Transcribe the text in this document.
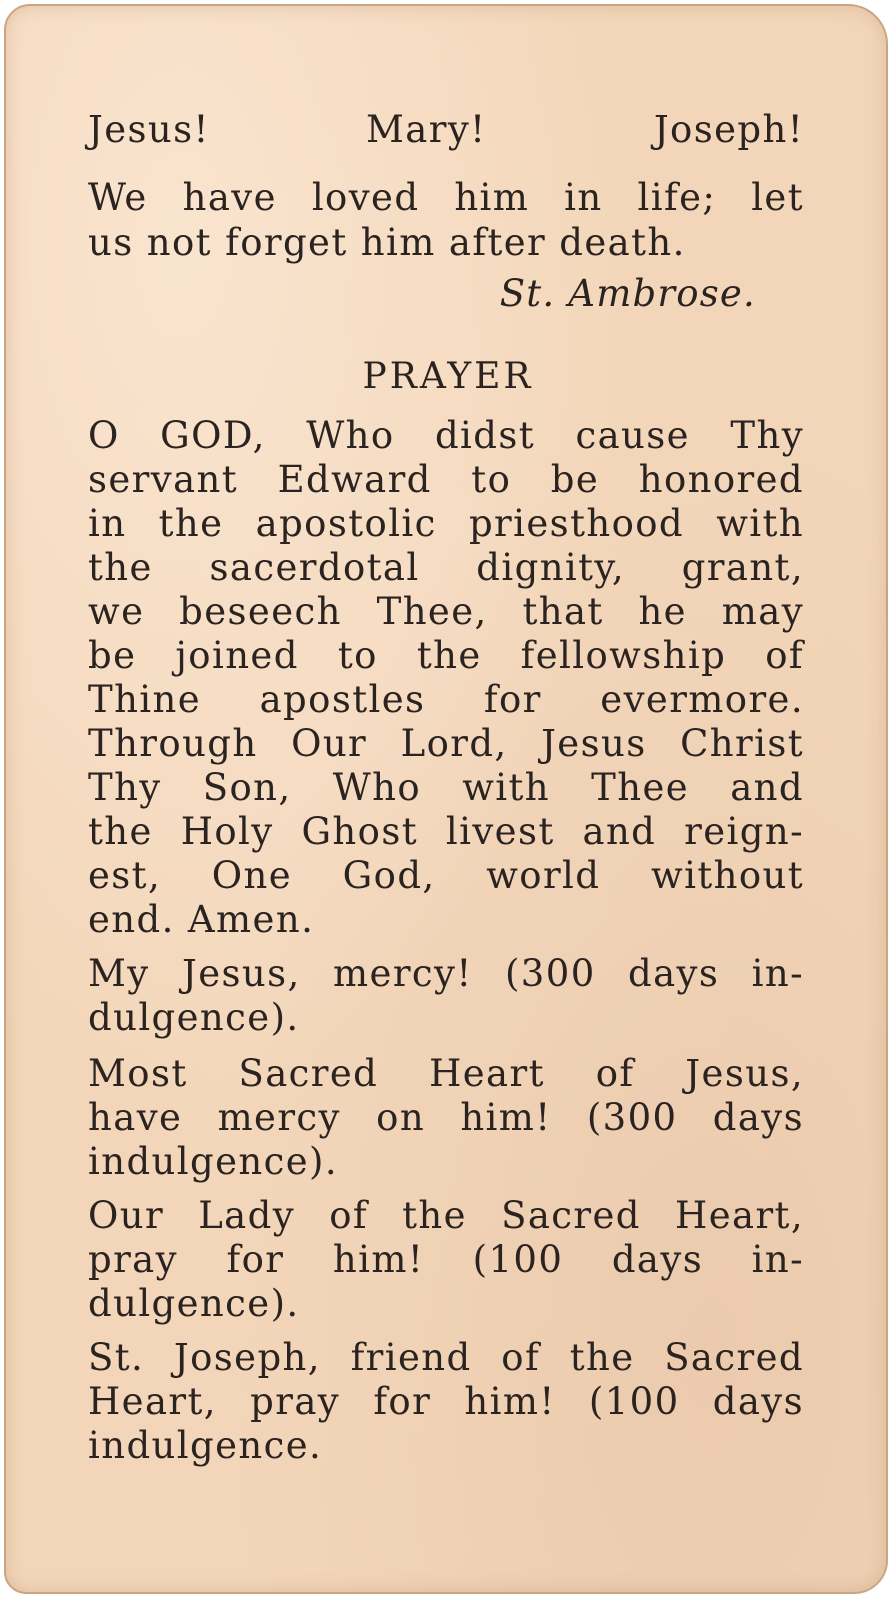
Jesus!	Mary!	Joseph!

We have loved him in life; let

us not forget him after death.

St. Ambrose.
PRAYER

O GOD, Who didst cause Thy

servant Edward to be honored

in the apostolic priesthood with

the sacerdotal dignity, grant,

we beseech Thee, that he may

be joined to the fellowship of

Thine apostles for evermore.

Through Our Lord, Jesus Christ

Thy Son, Who with Thee and

the Holy Ghost livest and reign-

est, One God, world without

end. Amen.

My Jesus, mercy! (300 days in-

dulgence).

Most Sacred Heart of Jesus,

have mercy on him! (300 days

indulgence).

Our Lady of the Sacred Heart,

pray for him! (100 days in-

dulgence).

St. Joseph, friend of the Sacred

Heart, pray for him! (100 days

indulgence.
